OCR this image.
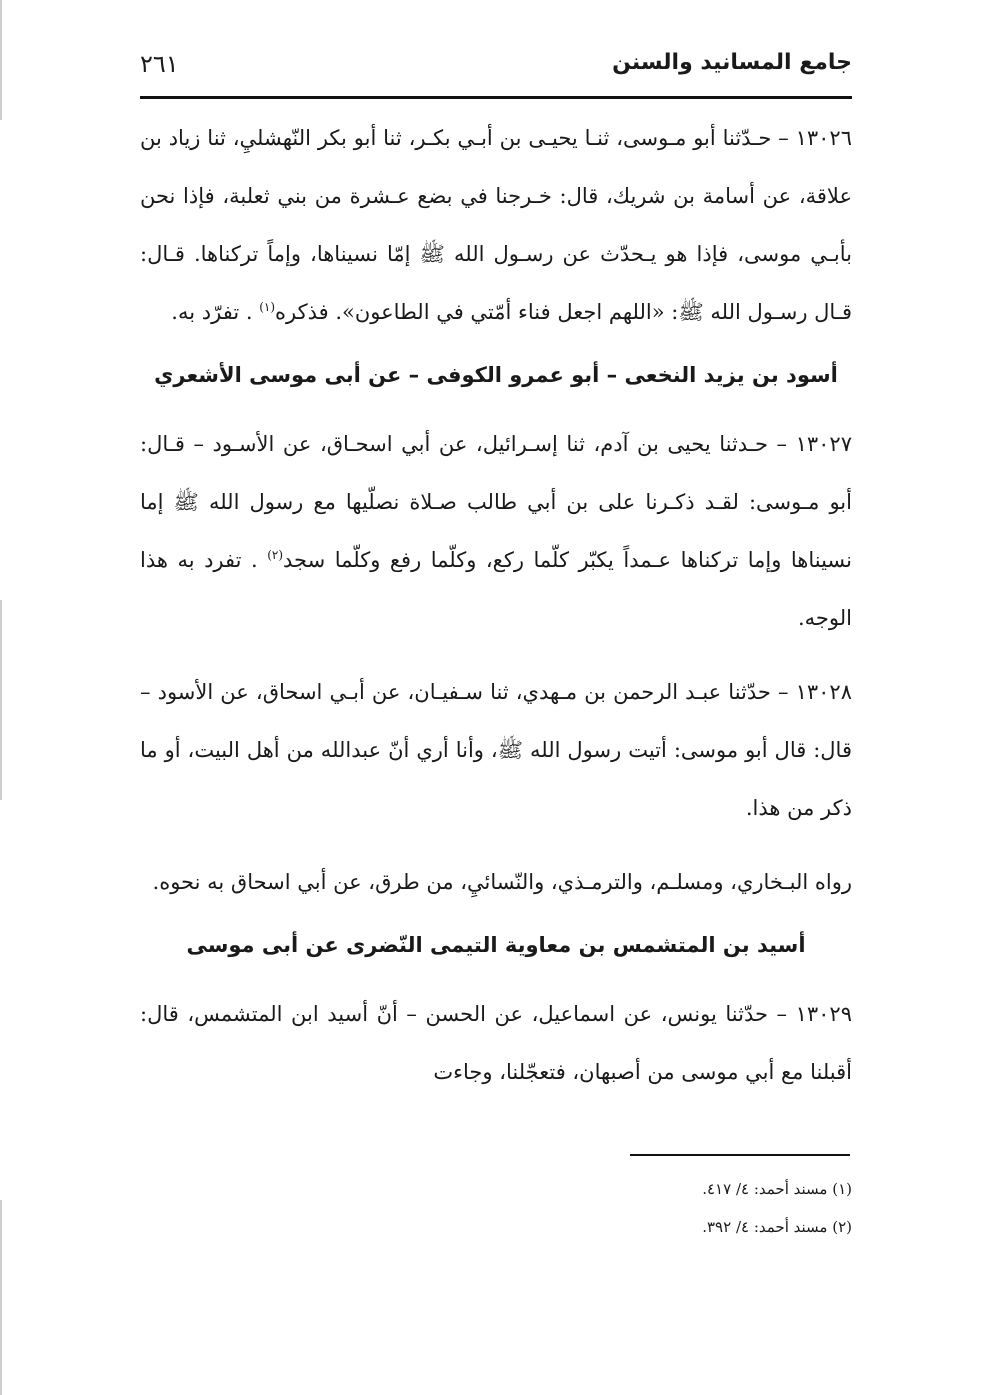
جامع المسانيد والسنن
٢٦١

١٣٠٢٦ – حـدّثنا أبو مـوسى، ثنـا يحيـى بن أبـي بكـر، ثنا أبو بكر النّهشليِ، ثنا زياد بن علاقة، عن أسامة بن شريك، قال: خـرجنا في بضع عـشرة من بني ثعلبة، فإذا نحن بأبـي موسى، فإذا هو يـحدّث عن رسـول الله ﷺ إمّا نسيناها، وإماً تركناها. قـال: قـال رسـول الله ﷺ: «اللهم اجعل فناء أمّتي في الطاعون». فذكره$^{(١)}$ . تفرّد به.

أسود بن يزيد النخعى – أبو عمرو الكوفى – عن أبى موسى الأشعري

١٣٠٢٧ – حـدثنا يحيى بن آدم، ثنا إسـرائيل، عن أبي اسحـاق، عن الأسـود – قـال: أبو مـوسى: لقـد ذكـرنا على بن أبي طالب صـلاة نصلّيها مع رسول الله ﷺ إما نسيناها وإما تركناها عـمداً يكبّر كلّما ركع، وكلّما رفع وكلّما سجد$^{(٢)}$ . تفرد به هذا الوجه.

١٣٠٢٨ – حدّثنا عبـد الرحمن بن مـهدي، ثنا سـفيـان، عن أبـي اسحاق، عن الأسود – قال: قال أبو موسى: أتيت رسول الله ﷺ، وأنا أري أنّ عبدالله من أهل البيت، أو ما ذكر من هذا.

رواه البـخاري، ومسلـم، والترمـذي، والنّسائيِ، من طرق، عن أبي اسحاق به نحوه.

أسيد بن المتشمس بن معاوية التيمى النّضرى عن أبى موسى

١٣٠٢٩ – حدّثنا يونس، عن اسماعيل، عن الحسن – أنّ أسيد ابن المتشمس، قال: أقبلنا مع أبي موسى من أصبهان، فتعجّلنا، وجاءت

(١) مسند أحمد: ٤/ ٤١٧.
(٢) مسند أحمد: ٤/ ٣٩٢.
